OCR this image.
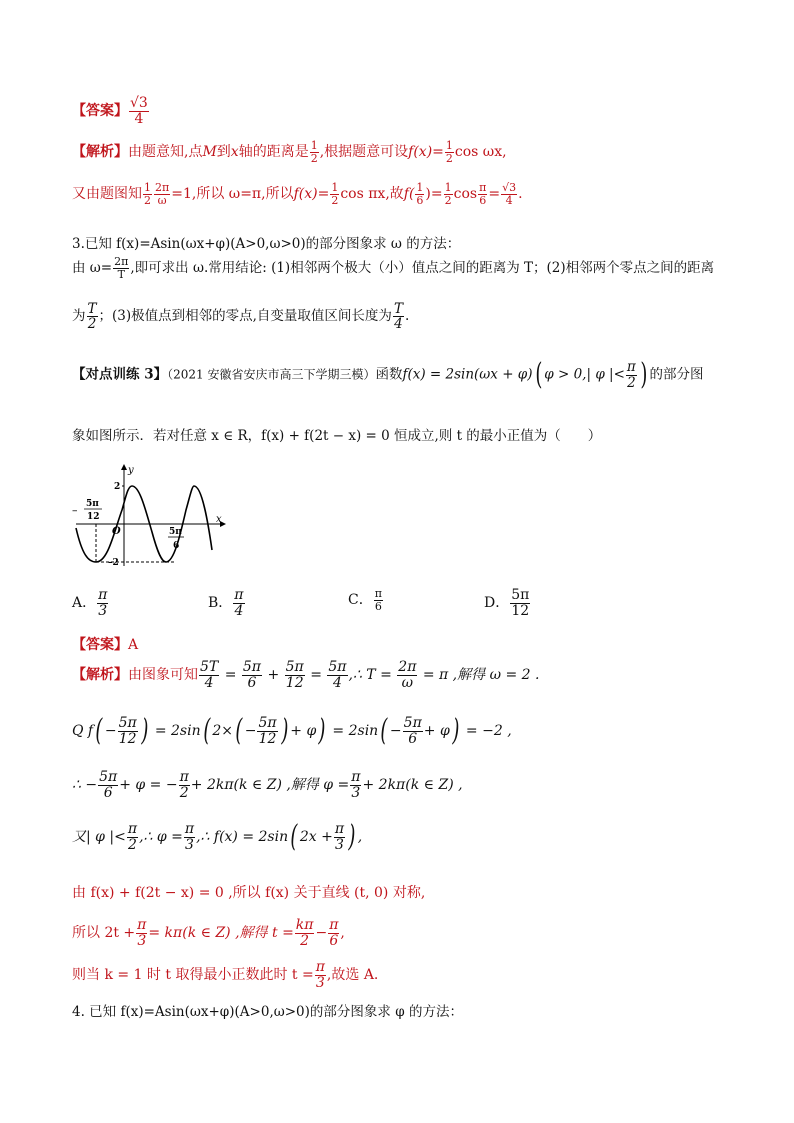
【答案】 $\frac{√3}{4}$
【解析】由题意知,点M到x轴的距离是 $\frac{1}{2}$ ,根据题意可设$f(x)= \frac{1}{2}$ cos ωx,
又由题图知 $\frac{1}{2} \frac{2\pi}{\omega} =1$,所以 ω=π,所以$f(x)= \frac{1}{2}$ cos πx,故$f( \frac{1}{6}$ )= $\frac{1}{2}$ $\cos \frac{\pi}{6} = \frac{√3}{4}$ .
3.已知 f(x)=Asin(ωx+φ)(A>0,ω>0)的部分图象求 ω 的方法：
由 $\omega= \frac{2\pi}{T}$ ,即可求出 ω.常用结论: (1)相邻两个极大（小）值点之间的距离为 T；(2)相邻两个零点之间的距离
为 $\frac{T}{2}$ ；(3)极值点到相邻的零点,自变量取值区间长度为 $\frac{T}{4}$ .
【对点训练 3】（2021 安徽省安庆市高三下学期三模）函数f(x) = 2sin(ωx + φ)( φ > 0,| φ |< $\frac{\pi}{2}$ ) 的部分图
象如图所示．若对任意 x ∈ R，f(x) + f(2t − x) = 0 恒成立,则 t 的最小正值为（　　）
y
x
O
– 5π
12
5π
6
2
–2
A． $\frac{\pi}{3}$	B． $\frac{\pi}{4}$	C． $\frac{\pi}{6}$	D． $\frac{5\pi}{12}$
【答案】A
【解析】由图象可知 $\frac{5T}{4} = \frac{5\pi}{6} + \frac{5\pi}{12} = \frac{5\pi}{4}$ ,∴ $T = \frac{2\pi}{\omega} = \pi$ ,解得 ω = 2 .
Q $f( - \frac{5\pi}{12}$ ) = 2sin( $2\times( - \frac{5\pi}{12}$ ) + $\varphi) = 2\sin( - \frac{5\pi}{6} + \varphi) = -2$ ,
∴ − $\frac{5\pi}{6} + \varphi$ = − $\frac{\pi}{2} + 2k\pi(k$ ∈ Z) ,解得 $\varphi = \frac{\pi}{3} + 2k\pi(k$ ∈ Z) ,
又| φ |< $\frac{\pi}{2}$ ,∴ $\varphi = \frac{\pi}{3}$ ,∴ f(x) = 2sin( $2x + \frac{\pi}{3}$ ) ,
由 f(x) + f(2t − x) = 0 ,所以 f(x) 关于直线 (t, 0) 对称,
所以 $2t + \frac{\pi}{3} = k\pi(k$ ∈ Z) ,解得 $t = \frac{k\pi}{2} - \frac{\pi}{6}$ ,
则当 k = 1 时 t 取得最小正数此时 $t = \frac{\pi}{3}$ ,故选 A.
4. 已知 f(x)=Asin(ωx+φ)(A>0,ω>0)的部分图象求 φ 的方法：
